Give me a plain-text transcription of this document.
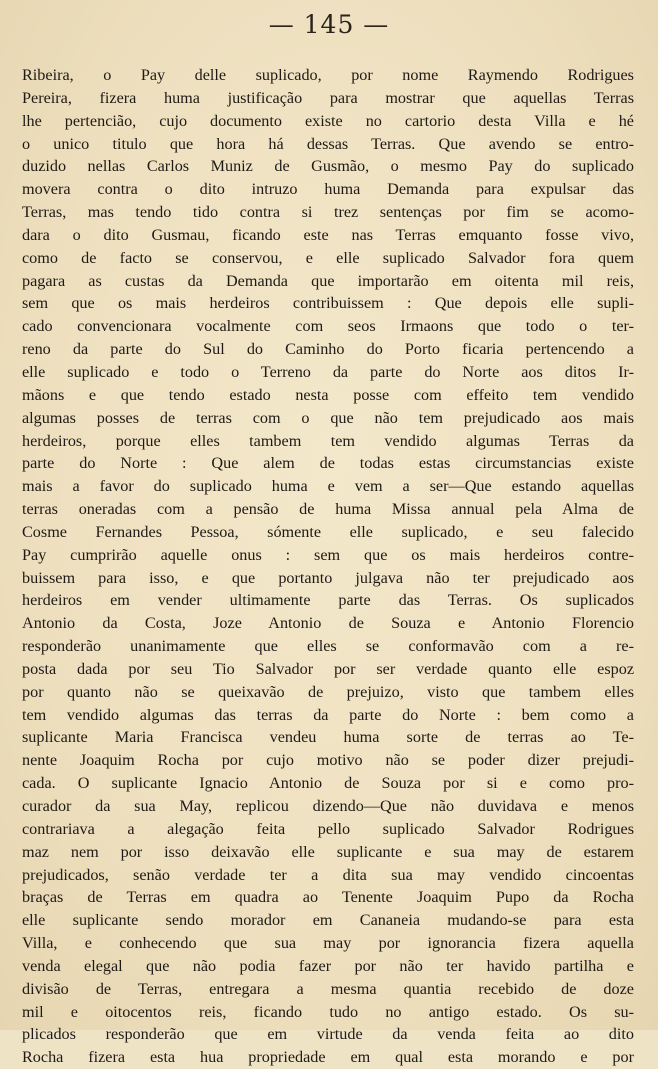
— 145 —
Ribeira, o Pay delle suplicado, por nome Raymendo Rodrigues
Pereira, fizera huma justificação para mostrar que aquellas Terras
lhe pertencião, cujo documento existe no cartorio desta Villa e hé
o unico titulo que hora há dessas Terras. Que avendo se entro-
duzido nellas Carlos Muniz de Gusmão, o mesmo Pay do suplicado
movera contra o dito intruzo huma Demanda para expulsar das
Terras, mas tendo tido contra si trez sentenças por fim se acomo-
dara o dito Gusmau, ficando este nas Terras emquanto fosse vivo,
como de facto se conservou, e elle suplicado Salvador fora quem
pagara as custas da Demanda que importarão em oitenta mil reis,
sem que os mais herdeiros contribuissem : Que depois elle supli-
cado convencionara vocalmente com seos Irmaons que todo o ter-
reno da parte do Sul do Caminho do Porto ficaria pertencendo a
elle suplicado e todo o Terreno da parte do Norte aos ditos Ir-
mãons e que tendo estado nesta posse com effeito tem vendido
algumas posses de terras com o que não tem prejudicado aos mais
herdeiros, porque elles tambem tem vendido algumas Terras da
parte do Norte : Que alem de todas estas circumstancias existe
mais a favor do suplicado huma e vem a ser—Que estando aquellas
terras oneradas com a pensão de huma Missa annual pela Alma de
Cosme Fernandes Pessoa, sómente elle suplicado, e seu falecido
Pay cumprirão aquelle onus : sem que os mais herdeiros contre-
buissem para isso, e que portanto julgava não ter prejudicado aos
herdeiros em vender ultimamente parte das Terras. Os suplicados
Antonio da Costa, Joze Antonio de Souza e Antonio Florencio
responderão unanimamente que elles se conformavão com a re-
posta dada por seu Tio Salvador por ser verdade quanto elle espoz
por quanto não se queixavão de prejuizo, visto que tambem elles
tem vendido algumas das terras da parte do Norte : bem como a
suplicante Maria Francisca vendeu huma sorte de terras ao Te-
nente Joaquim Rocha por cujo motivo não se poder dizer prejudi-
cada. O suplicante Ignacio Antonio de Souza por si e como pro-
curador da sua May, replicou dizendo—Que não duvidava e menos
contrariava a alegação feita pello suplicado Salvador Rodrigues
maz nem por isso deixavão elle suplicante e sua may de estarem
prejudicados, senão verdade ter a dita sua may vendido cincoentas
braças de Terras em quadra ao Tenente Joaquim Pupo da Rocha
elle suplicante sendo morador em Cananeia mudando-se para esta
Villa, e conhecendo que sua may por ignorancia fizera aquella
venda elegal que não podia fazer por não ter havido partilha e
divisão de Terras, entregara a mesma quantia recebido de doze
mil e oitocentos reis, ficando tudo no antigo estado. Os su-
plicados responderão que em virtude da venda feita ao dito
Rocha fizera esta hua propriedade em qual esta morando e por
